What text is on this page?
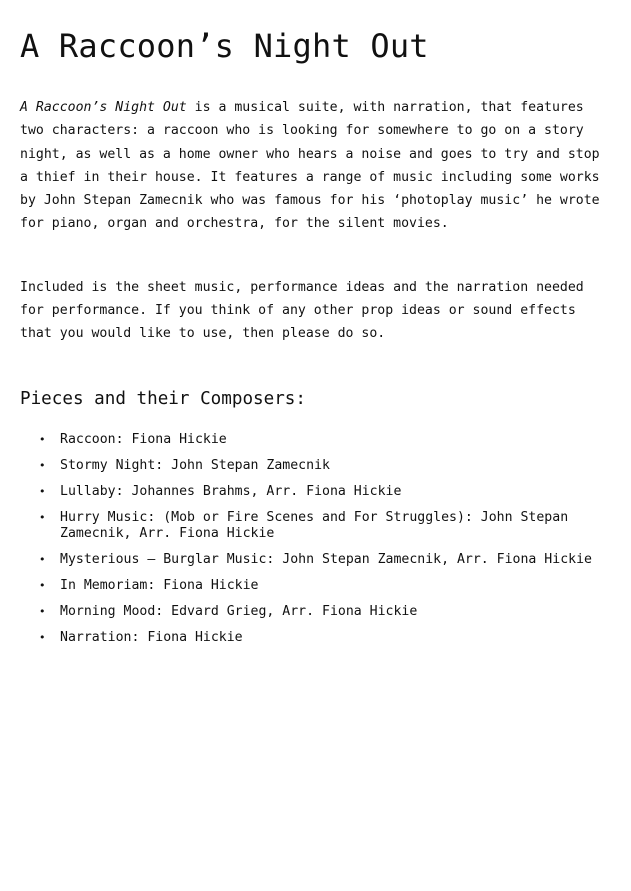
A Raccoon’s Night Out

A Raccoon’s Night Out is a musical suite, with narration, that features two characters: a raccoon who is looking for somewhere to go on a story night, as well as a home owner who hears a noise and goes to try and stop a thief in their house. It features a range of music including some works by John Stepan Zamecnik who was famous for his ‘photoplay music’ he wrote for piano, organ and orchestra, for the silent movies.

Included is the sheet music, performance ideas and the narration needed for performance. If you think of any other prop ideas or sound effects that you would like to use, then please do so.

Pieces and their Composers:
• Raccoon: Fiona Hickie
• Stormy Night: John Stepan Zamecnik
• Lullaby: Johannes Brahms, Arr. Fiona Hickie
• Hurry Music: (Mob or Fire Scenes and For Struggles): John Stepan Zamecnik, Arr. Fiona Hickie
• Mysterious – Burglar Music: John Stepan Zamecnik, Arr. Fiona Hickie
• In Memoriam: Fiona Hickie
• Morning Mood: Edvard Grieg, Arr. Fiona Hickie
• Narration: Fiona Hickie
